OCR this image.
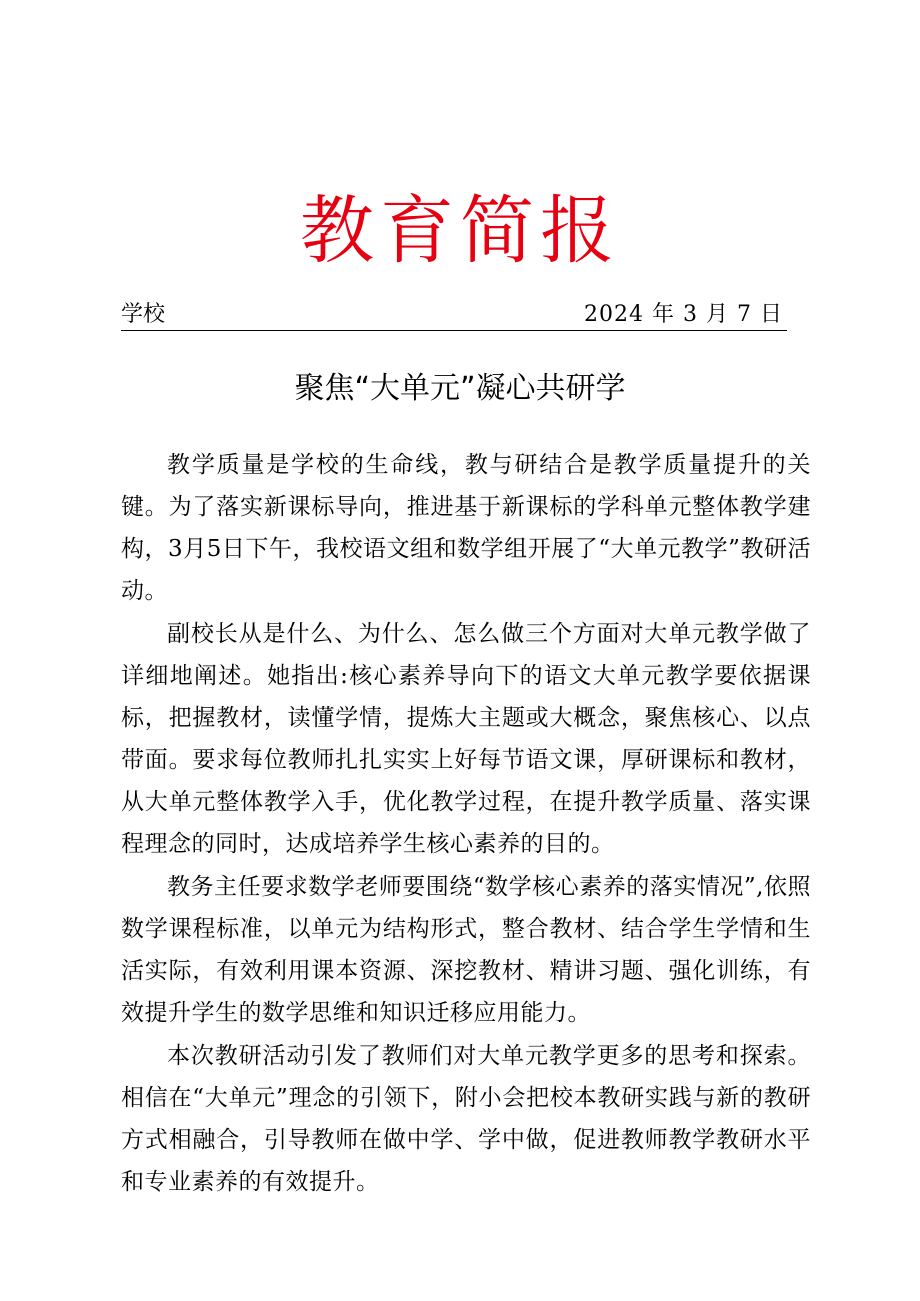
教育简报
学校	2024 年 3 月 7 日
聚焦“大单元”凝心共研学

教学质量是学校的生命线，教与研结合是教学质量提升的关键。为了落实新课标导向，推进基于新课标的学科单元整体教学建构，3月5日下午，我校语文组和数学组开展了“大单元教学”教研活动。

副校长从是什么、为什么、怎么做三个方面对大单元教学做了详细地阐述。她指出:核心素养导向下的语文大单元教学要依据课标，把握教材，读懂学情，提炼大主题或大概念，聚焦核心、以点带面。要求每位教师扎扎实实上好每节语文课，厚研课标和教材，从大单元整体教学入手，优化教学过程，在提升教学质量、落实课程理念的同时，达成培养学生核心素养的目的。

教务主任要求数学老师要围绕“数学核心素养的落实情况”,依照数学课程标准，以单元为结构形式，整合教材、结合学生学情和生活实际，有效利用课本资源、深挖教材、精讲习题、强化训练，有效提升学生的数学思维和知识迁移应用能力。

本次教研活动引发了教师们对大单元教学更多的思考和探索。相信在“大单元”理念的引领下，附小会把校本教研实践与新的教研方式相融合，引导教师在做中学、学中做，促进教师教学教研水平和专业素养的有效提升。
